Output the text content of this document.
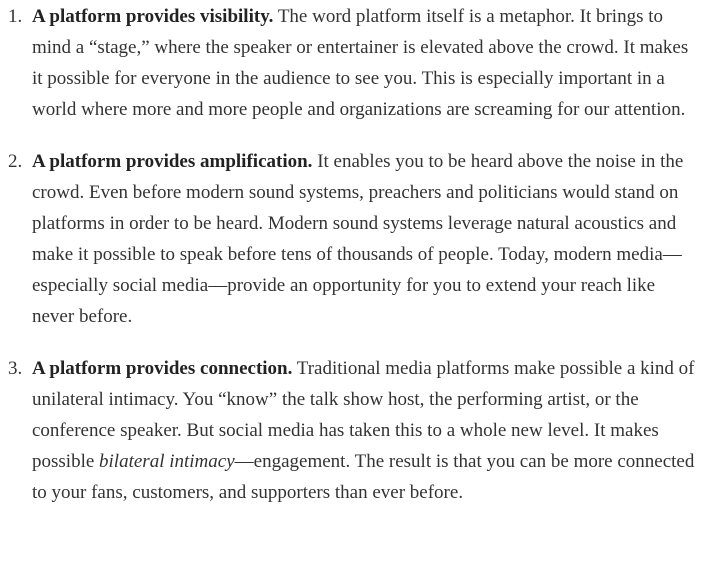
1. A platform provides visibility. The word platform itself is a metaphor. It brings to mind a “stage,” where the speaker or entertainer is elevated above the crowd. It makes it possible for everyone in the audience to see you. This is especially important in a world where more and more people and organizations are screaming for our attention.
2. A platform provides amplification. It enables you to be heard above the noise in the crowd. Even before modern sound systems, preachers and politicians would stand on platforms in order to be heard. Modern sound systems leverage natural acoustics and make it possible to speak before tens of thousands of people. Today, modern media—especially social media—provide an opportunity for you to extend your reach like never before.
3. A platform provides connection. Traditional media platforms make possible a kind of unilateral intimacy. You “know” the talk show host, the performing artist, or the conference speaker. But social media has taken this to a whole new level. It makes possible bilateral intimacy—engagement. The result is that you can be more connected to your fans, customers, and supporters than ever before.
